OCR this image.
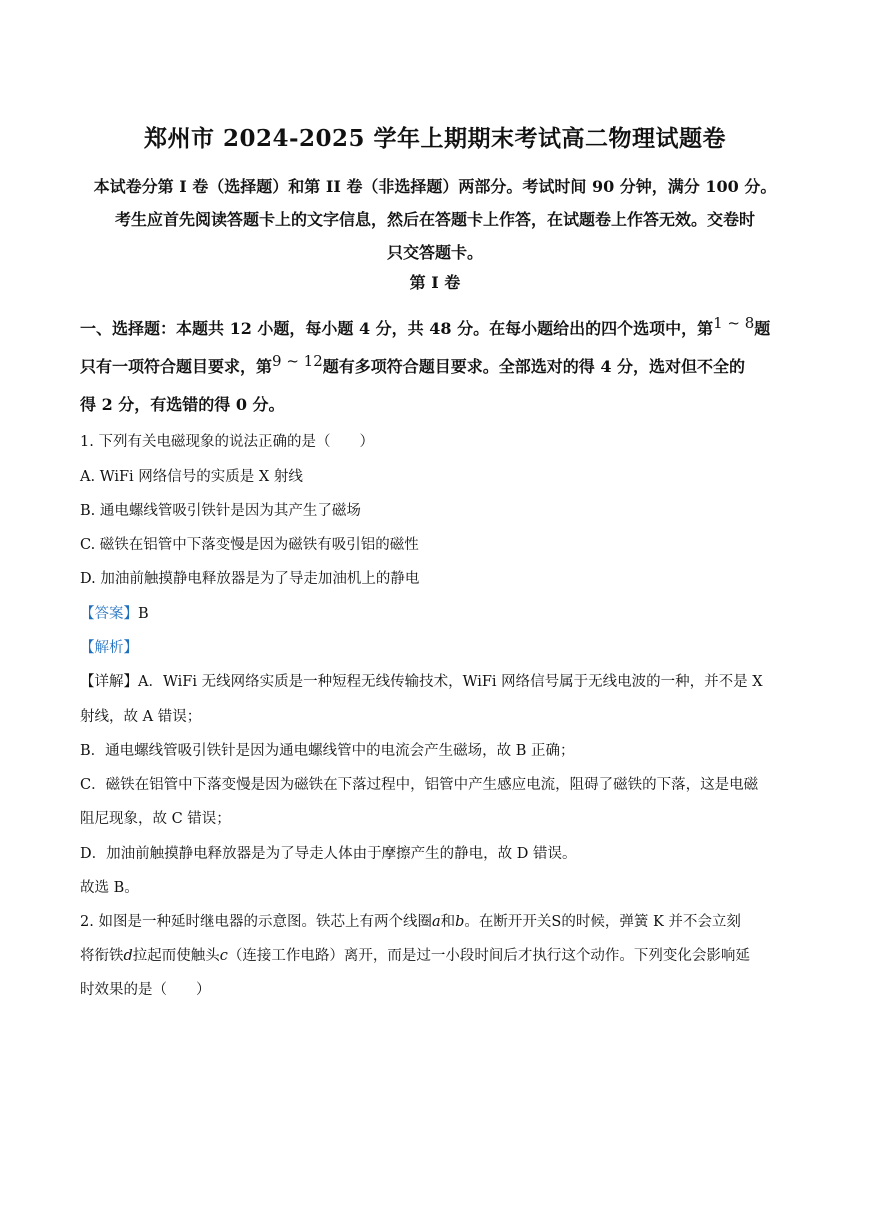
郑州市 2024-2025 学年上期期末考试高二物理试题卷
本试卷分第 I 卷（选择题）和第 II 卷（非选择题）两部分。考试时间 90 分钟，满分 100 分。
考生应首先阅读答题卡上的文字信息，然后在答题卡上作答，在试题卷上作答无效。交卷时
只交答题卡。
第 I 卷
一、选择题：本题共 12 小题，每小题 4 分，共 48 分。在每小题给出的四个选项中，第1 ~ 8题
只有一项符合题目要求，第9 ~ 12题有多项符合题目要求。全部选对的得 4 分，选对但不全的
得 2 分，有选错的得 0 分。
1. 下列有关电磁现象的说法正确的是（　　）
A. WiFi 网络信号的实质是 X 射线
B. 通电螺线管吸引铁针是因为其产生了磁场
C. 磁铁在铝管中下落变慢是因为磁铁有吸引铝的磁性
D. 加油前触摸静电释放器是为了导走加油机上的静电
【答案】B
【解析】
【详解】A．WiFi 无线网络实质是一种短程无线传输技术，WiFi 网络信号属于无线电波的一种，并不是 X
射线，故 A 错误；
B．通电螺线管吸引铁针是因为通电螺线管中的电流会产生磁场，故 B 正确；
C．磁铁在铝管中下落变慢是因为磁铁在下落过程中，铝管中产生感应电流，阻碍了磁铁的下落，这是电磁
阻尼现象，故 C 错误；
D．加油前触摸静电释放器是为了导走人体由于摩擦产生的静电，故 D 错误。
故选 B。
2. 如图是一种延时继电器的示意图。铁芯上有两个线圈a和b。在断开开关S的时候，弹簧 K 并不会立刻
将衔铁d拉起而使触头c（连接工作电路）离开，而是过一小段时间后才执行这个动作。下列变化会影响延
时效果的是（　　）
